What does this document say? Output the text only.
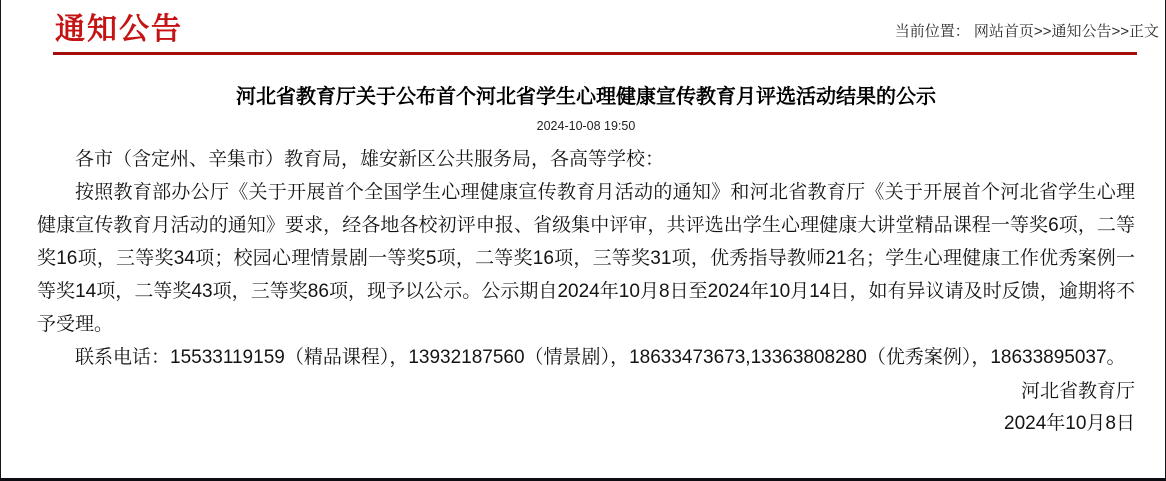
通知公告	当前位置： 网站首页>>通知公告>>正文
河北省教育厅关于公布首个河北省学生心理健康宣传教育月评选活动结果的公示
2024-10-08 19:50

各市（含定州、辛集市）教育局，雄安新区公共服务局，各高等学校：

按照教育部办公厅《关于开展首个全国学生心理健康宣传教育月活动的通知》和河北省教育厅《关于开展首个河北省学生心理健康宣传教育月活动的通知》要求，经各地各校初评申报、省级集中评审，共评选出学生心理健康大讲堂精品课程一等奖6项，二等奖16项，三等奖34项；校园心理情景剧一等奖5项，二等奖16项，三等奖31项，优秀指导教师21名；学生心理健康工作优秀案例一等奖14项，二等奖43项，三等奖86项，现予以公示。公示期自2024年10月8日至2024年10月14日，如有异议请及时反馈，逾期将不予受理。

联系电话：15533119159（精品课程），13932187560（情景剧），18633473673,13363808280（优秀案例），18633895037。

河北省教育厅
2024年10月8日
